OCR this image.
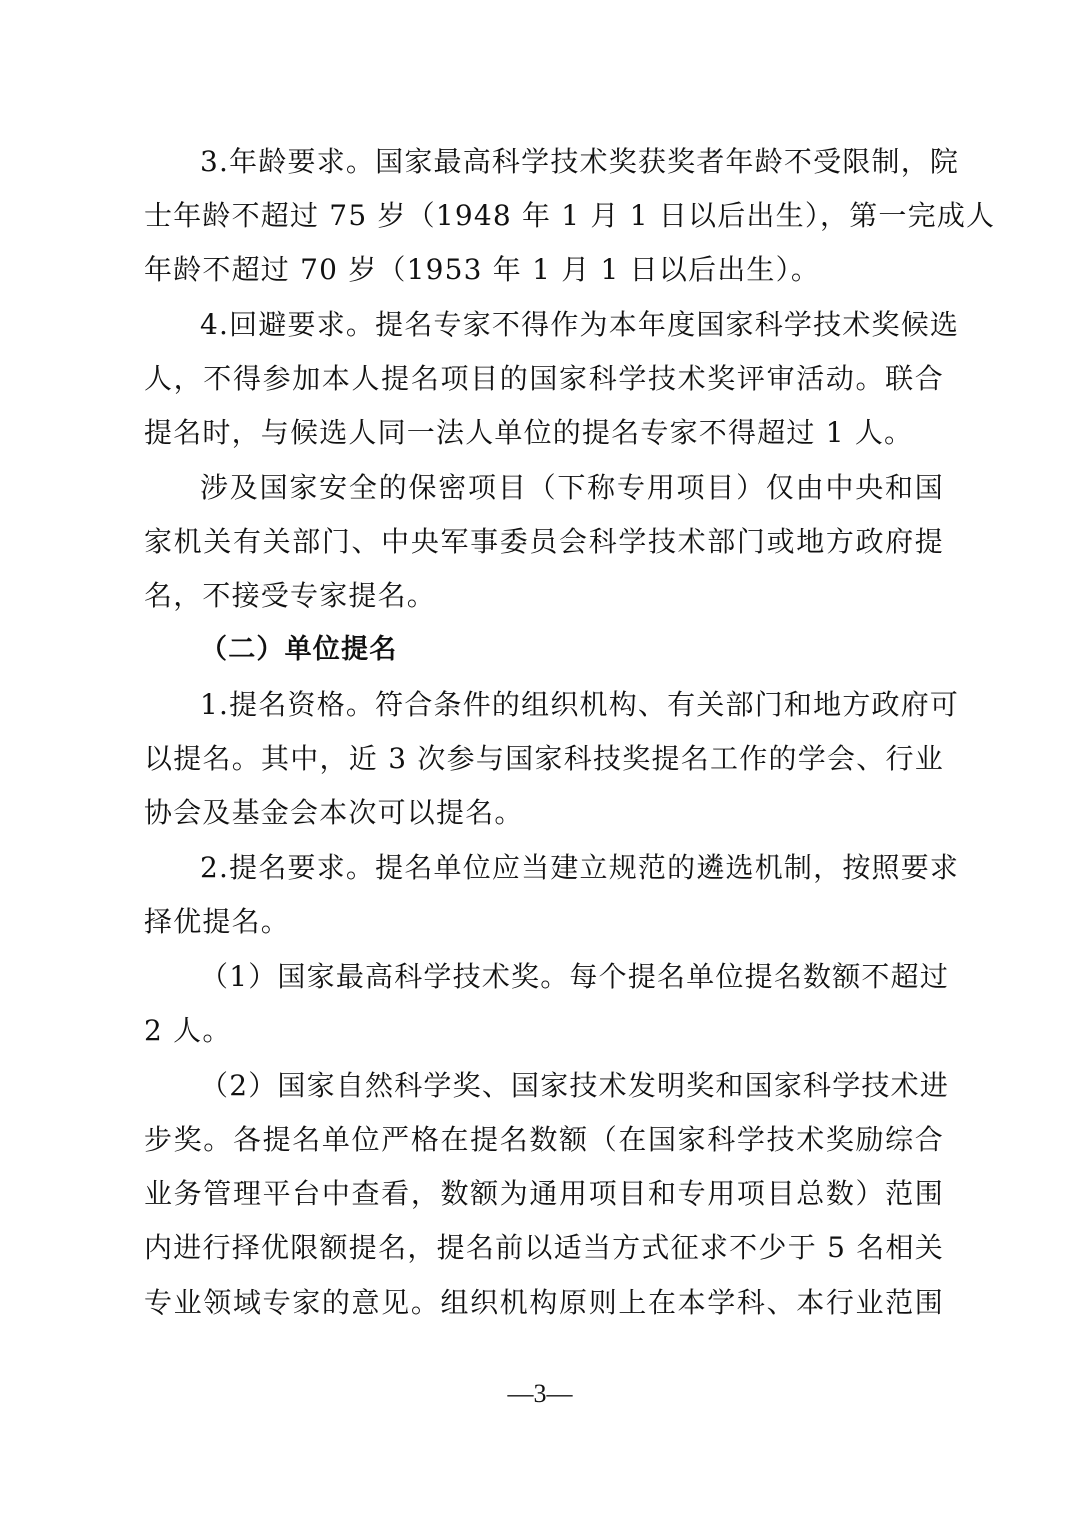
3.年龄要求。国家最高科学技术奖获奖者年龄不受限制，院
士年龄不超过 75 岁（1948 年 1 月 1 日以后出生），第一完成人
年龄不超过 70 岁（1953 年 1 月 1 日以后出生）。
4.回避要求。提名专家不得作为本年度国家科学技术奖候选
人，不得参加本人提名项目的国家科学技术奖评审活动。联合
提名时，与候选人同一法人单位的提名专家不得超过 1 人。
涉及国家安全的保密项目（下称专用项目）仅由中央和国
家机关有关部门、中央军事委员会科学技术部门或地方政府提
名，不接受专家提名。
（二）单位提名
1.提名资格。符合条件的组织机构、有关部门和地方政府可
以提名。其中，近 3 次参与国家科技奖提名工作的学会、行业
协会及基金会本次可以提名。
2.提名要求。提名单位应当建立规范的遴选机制，按照要求
择优提名。
（1）国家最高科学技术奖。每个提名单位提名数额不超过
2 人。
（2）国家自然科学奖、国家技术发明奖和国家科学技术进
步奖。各提名单位严格在提名数额（在国家科学技术奖励综合
业务管理平台中查看，数额为通用项目和专用项目总数）范围
内进行择优限额提名，提名前以适当方式征求不少于 5 名相关
专业领域专家的意见。组织机构原则上在本学科、本行业范围
—3—
